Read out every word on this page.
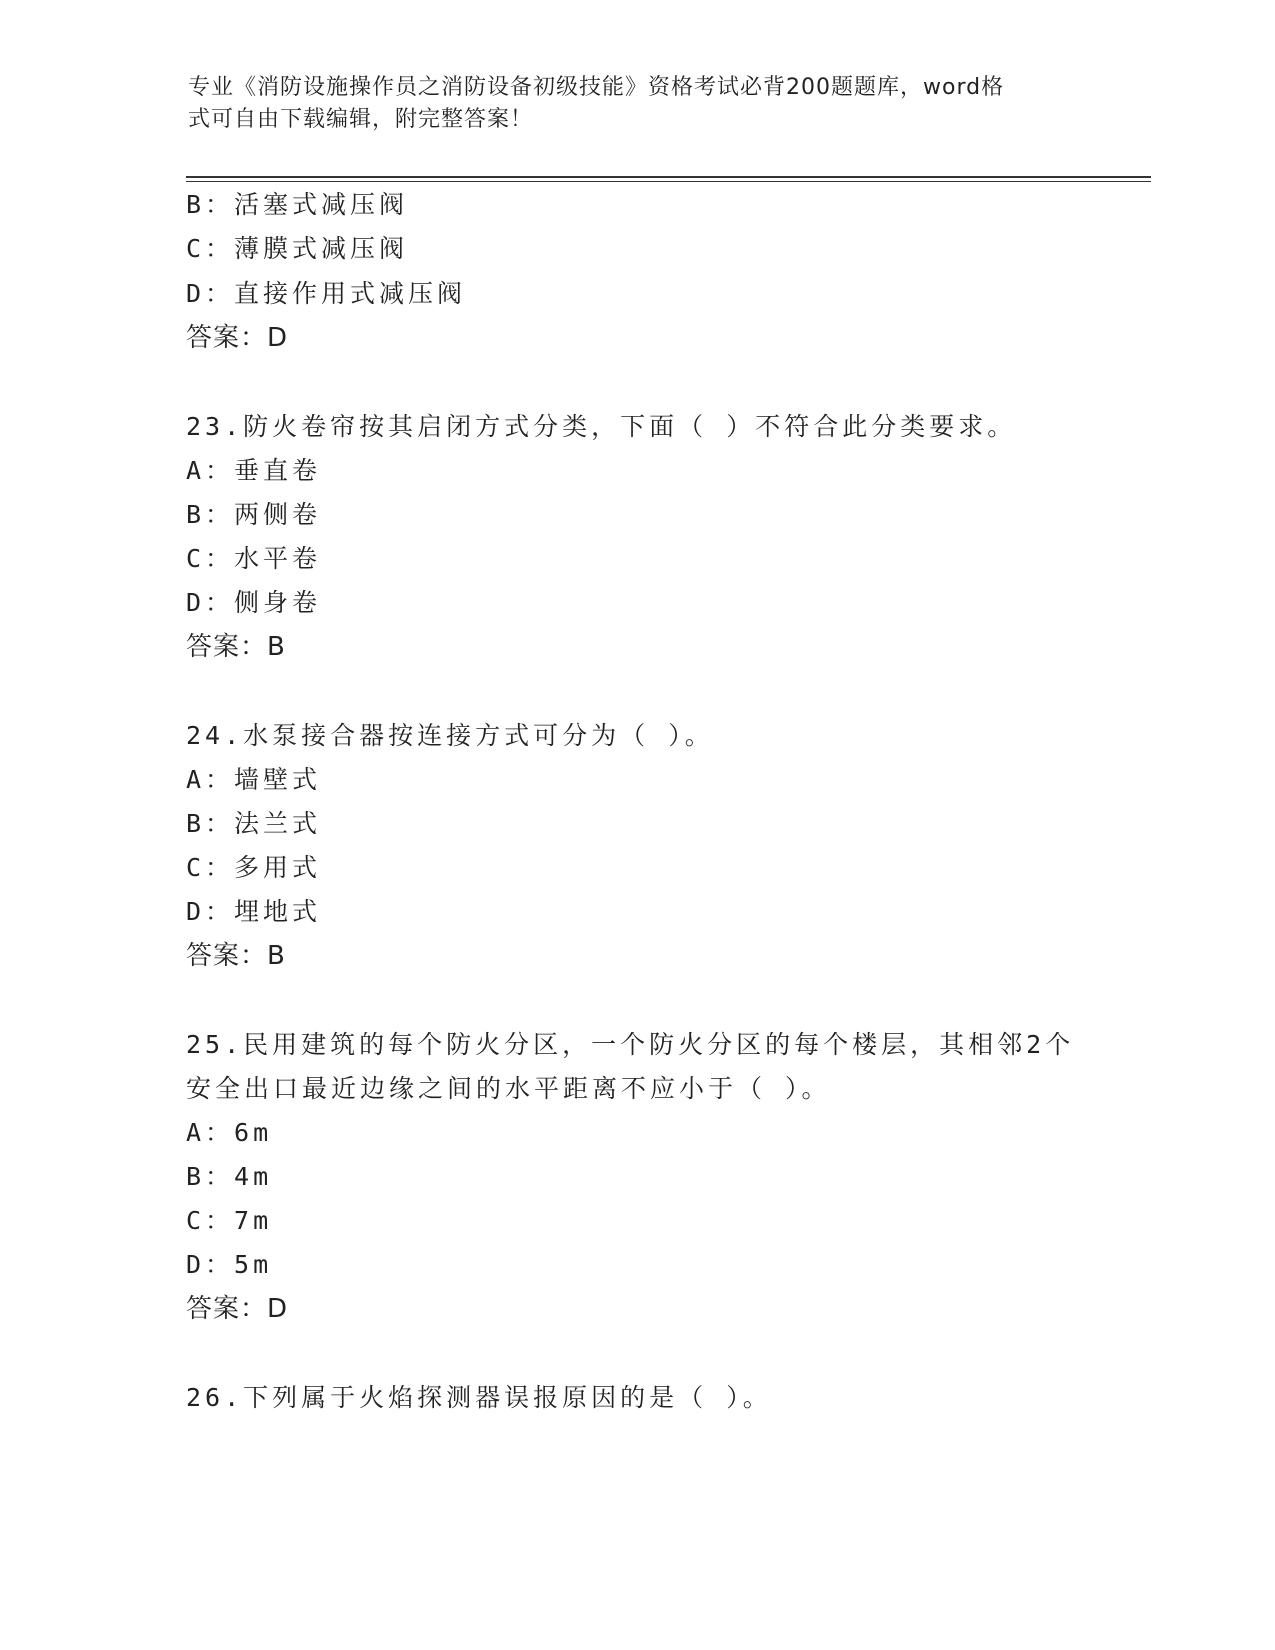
专业《消防设施操作员之消防设备初级技能》资格考试必背200题题库，word格
式可自由下载编辑，附完整答案！
B：活塞式减压阀
C：薄膜式减压阀
D：直接作用式减压阀
答案：D
23.防火卷帘按其启闭方式分类，下面（ ）不符合此分类要求。
A：垂直卷
B：两侧卷
C：水平卷
D：侧身卷
答案：B
24.水泵接合器按连接方式可分为（ ）。
A：墙壁式
B：法兰式
C：多用式
D：埋地式
答案：B
25.民用建筑的每个防火分区，一个防火分区的每个楼层，其相邻2个
安全出口最近边缘之间的水平距离不应小于（ ）。
A：6m
B：4m
C：7m
D：5m
答案：D
26.下列属于火焰探测器误报原因的是（ ）。
